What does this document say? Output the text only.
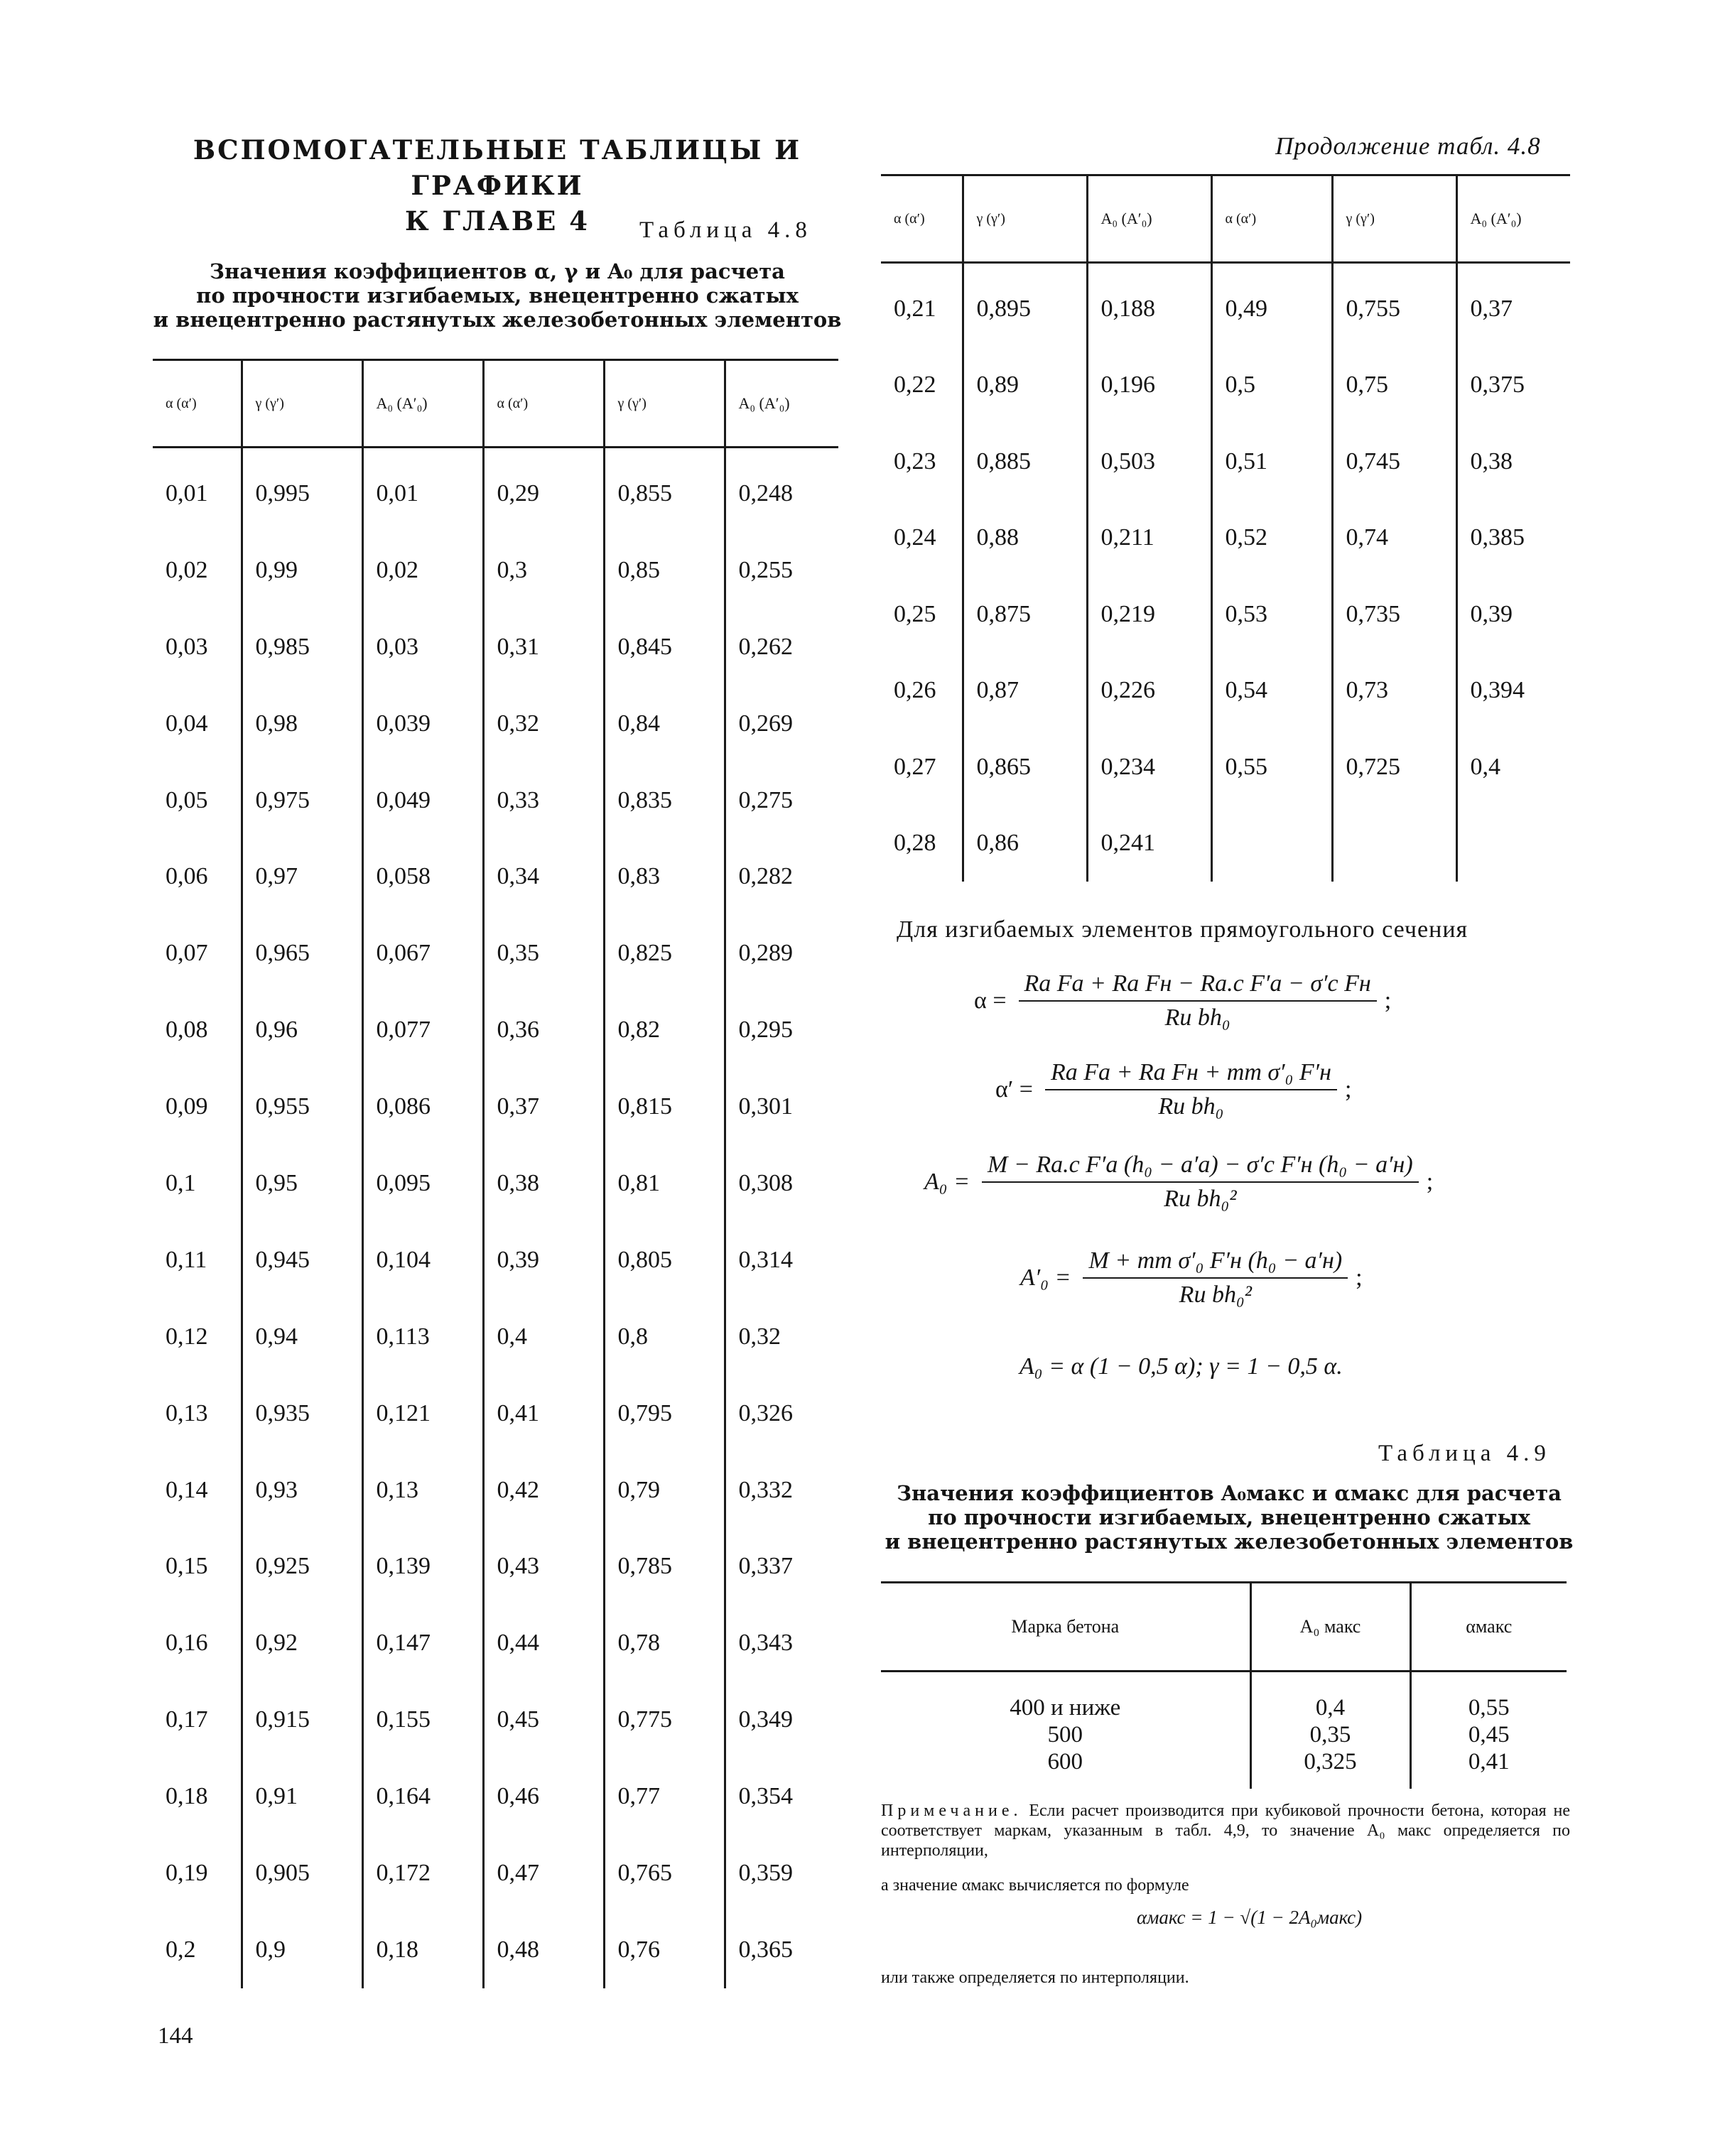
ВСПОМОГАТЕЛЬНЫЕ ТАБЛИЦЫ И ГРАФИКИ
К ГЛАВЕ 4	Таблица 4.8
Значения коэффициентов α, γ и A₀ для расчета
по прочности изгибаемых, внецентренно сжатых
и внецентренно растянутых железобетонных элементов
α (α′)	γ (γ′)	A₀ (A′₀)	α (α′)	γ (γ′)	A₀ (A′₀)

0,01	0,995	0,01	0,29	0,855	0,248
0,02	0,99	0,02	0,3	0,85	0,255
0,03	0,985	0,03	0,31	0,845	0,262
0,04	0,98	0,039	0,32	0,84	0,269
0,05	0,975	0,049	0,33	0,835	0,275
0,06	0,97	0,058	0,34	0,83	0,282
0,07	0,965	0,067	0,35	0,825	0,289
0,08	0,96	0,077	0,36	0,82	0,295
0,09	0,955	0,086	0,37	0,815	0,301
0,1	0,95	0,095	0,38	0,81	0,308
0,11	0,945	0,104	0,39	0,805	0,314
0,12	0,94	0,113	0,4	0,8	0,32
0,13	0,935	0,121	0,41	0,795	0,326
0,14	0,93	0,13	0,42	0,79	0,332
0,15	0,925	0,139	0,43	0,785	0,337
0,16	0,92	0,147	0,44	0,78	0,343
0,17	0,915	0,155	0,45	0,775	0,349
0,18	0,91	0,164	0,46	0,77	0,354
0,19	0,905	0,172	0,47	0,765	0,359
0,2	0,9	0,18	0,48	0,76	0,365
Продолжение табл. 4.8
α (α′)	γ (γ′)	A₀ (A′₀)	α (α′)	γ (γ′)	A₀ (A′₀)

0,21	0,895	0,188	0,49	0,755	0,37
0,22	0,89	0,196	0,5	0,75	0,375
0,23	0,885	0,503	0,51	0,745	0,38
0,24	0,88	0,211	0,52	0,74	0,385
0,25	0,875	0,219	0,53	0,735	0,39
0,26	0,87	0,226	0,54	0,73	0,394
0,27	0,865	0,234	0,55	0,725	0,4
0,28	0,86	0,241			
Для изгибаемых элементов прямоугольного сечения
α =	
Rа Fа + Rа Fн − Rа.с F′а − σ′с Fн
Rи bh₀
	;
α′ =	
Rа Fа + Rа Fн + mт σ′₀ F′н
Rи bh₀
	;
A₀ =	
M − Rа.с F′а (h₀ − a′а) − σ′с F′н (h₀ − a′н)
Rи bh₀²
	;
A′₀ =	
M + mт σ′₀ F′н (h₀ − a′н)
Rи bh₀²
	;
A₀ = α (1 − 0,5 α); γ = 1 − 0,5 α.
Таблица 4.9
Значения коэффициентов A₀макс и αмакс для расчета
по прочности изгибаемых, внецентренно сжатых
и внецентренно растянутых железобетонных элементов
Марка бетона	A₀ макс	αмакс
400 и ниже	0,4	0,55
500	0,35	0,45
600	0,325	0,41
Примечание. Если расчет производится при кубиковой прочности бетона, которая не соответствует маркам, указанным в табл. 4,9, то значение A₀ макс определяется по интерполяции,
а значение αмакс вычисляется по формуле
αмакс = 1 − √(1 − 2A₀макс)
или также определяется по интерполяции.
144
